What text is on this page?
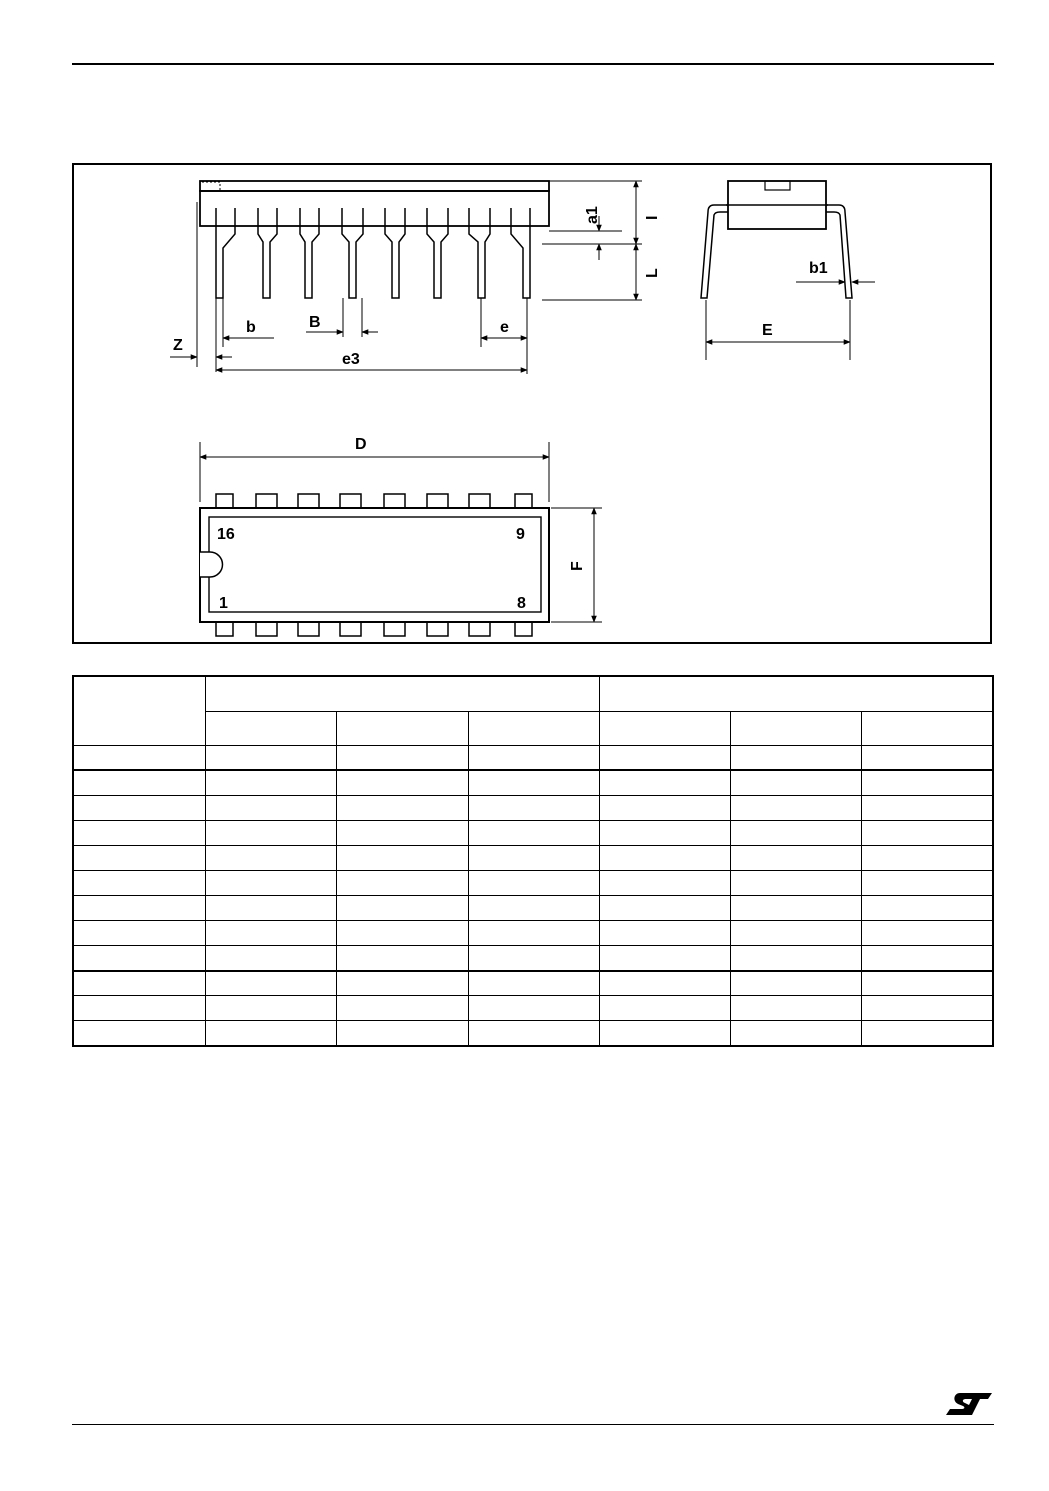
Z
b	B	e
e3
a1	I
L	b1
E
D
F
16	9
1	8
